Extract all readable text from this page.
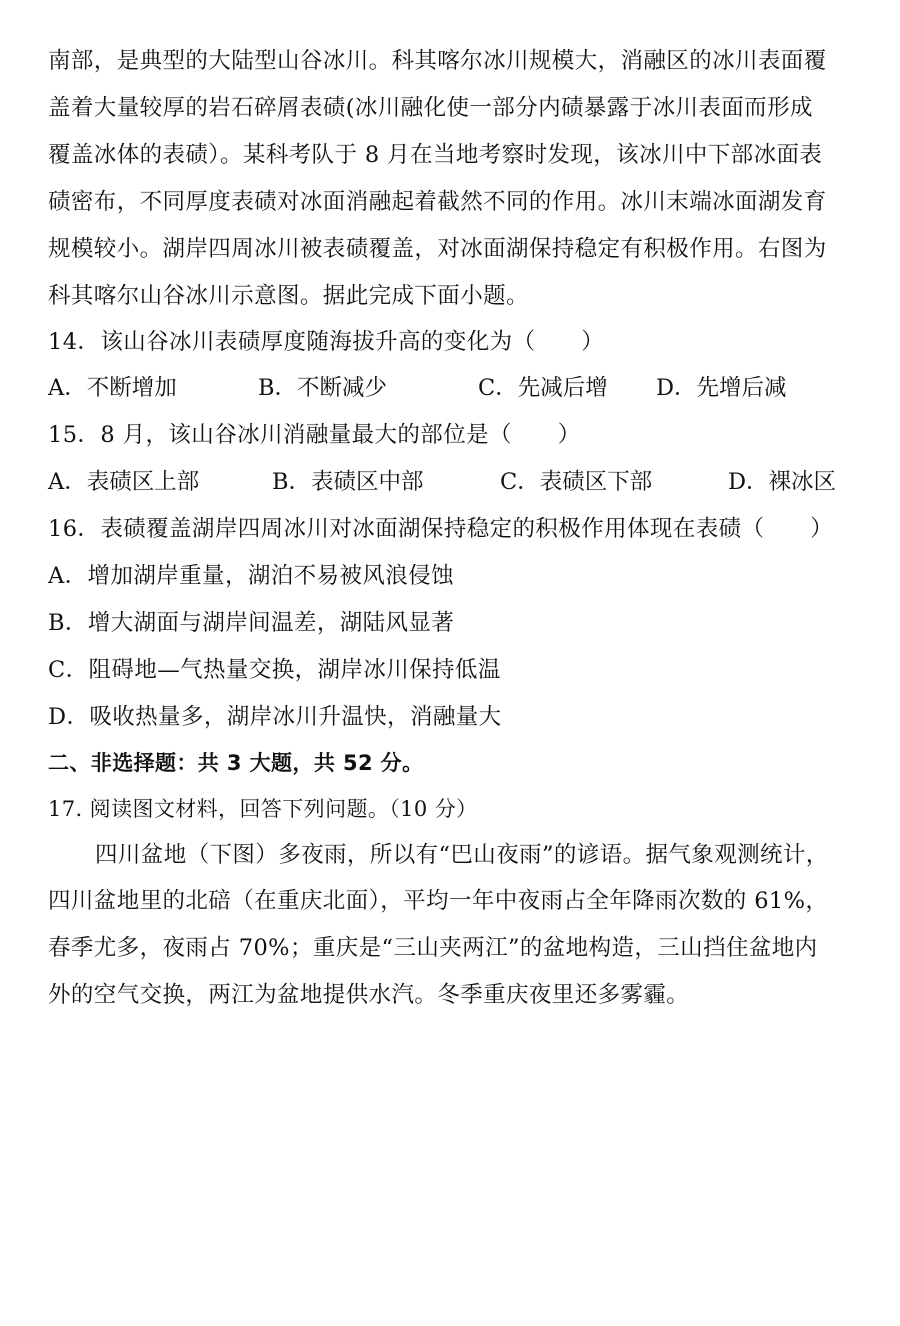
南部，是典型的大陆型山谷冰川。科其喀尔冰川规模大，消融区的冰川表面覆
盖着大量较厚的岩石碎屑表碛(冰川融化使一部分内碛暴露于冰川表面而形成
覆盖冰体的表碛）。某科考队于 8 月在当地考察时发现，该冰川中下部冰面表
碛密布，不同厚度表碛对冰面消融起着截然不同的作用。冰川末端冰面湖发育
规模较小。湖岸四周冰川被表碛覆盖，对冰面湖保持稳定有积极作用。右图为
科其喀尔山谷冰川示意图。据此完成下面小题。
14．该山谷冰川表碛厚度随海拔升高的变化为（　　）
A．不断增加	B．不断减少	C．先减后增 D．先增后减
15．8 月，该山谷冰川消融量最大的部位是（　　）
A．表碛区上部	B．表碛区中部	C．表碛区下部	D．裸冰区
16．表碛覆盖湖岸四周冰川对冰面湖保持稳定的积极作用体现在表碛（　　）
A．增加湖岸重量，湖泊不易被风浪侵蚀
B．增大湖面与湖岸间温差，湖陆风显著
C．阻碍地—气热量交换，湖岸冰川保持低温
D．吸收热量多，湖岸冰川升温快，消融量大
二、非选择题：共 3 大题，共 52 分。
17. 阅读图文材料，回答下列问题。（10 分）
四川盆地（下图）多夜雨，所以有“巴山夜雨”的谚语。据气象观测统计，
四川盆地里的北碚（在重庆北面），平均一年中夜雨占全年降雨次数的 61%，
春季尤多，夜雨占 70%；重庆是“三山夹两江”的盆地构造，三山挡住盆地内
外的空气交换，两江为盆地提供水汽。冬季重庆夜里还多雾霾。
